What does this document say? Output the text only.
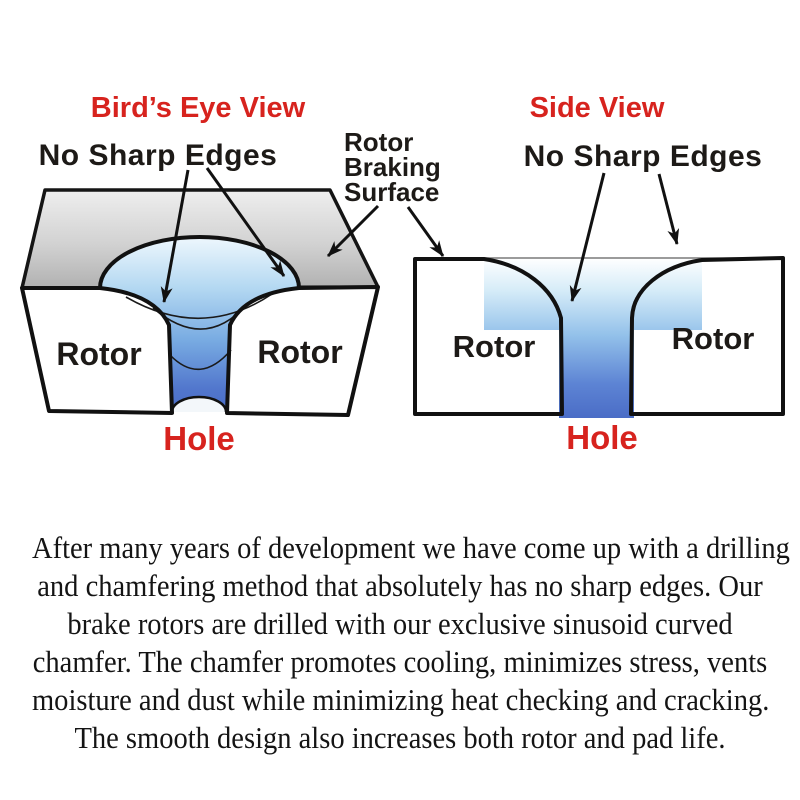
Rotor	Rotor	Rotor	Rotor
Bird’s Eye View	Side View
No Sharp Edges	No Sharp Edges
Rotor
Braking
Surface
Hole	Hole
After many years of development we have come up with a drilling
and chamfering method that absolutely has no sharp edges. Our
brake rotors are drilled with our exclusive sinusoid curved
chamfer. The chamfer promotes cooling, minimizes stress, vents
moisture and dust while minimizing heat checking and cracking.
The smooth design also increases both rotor and pad life.
